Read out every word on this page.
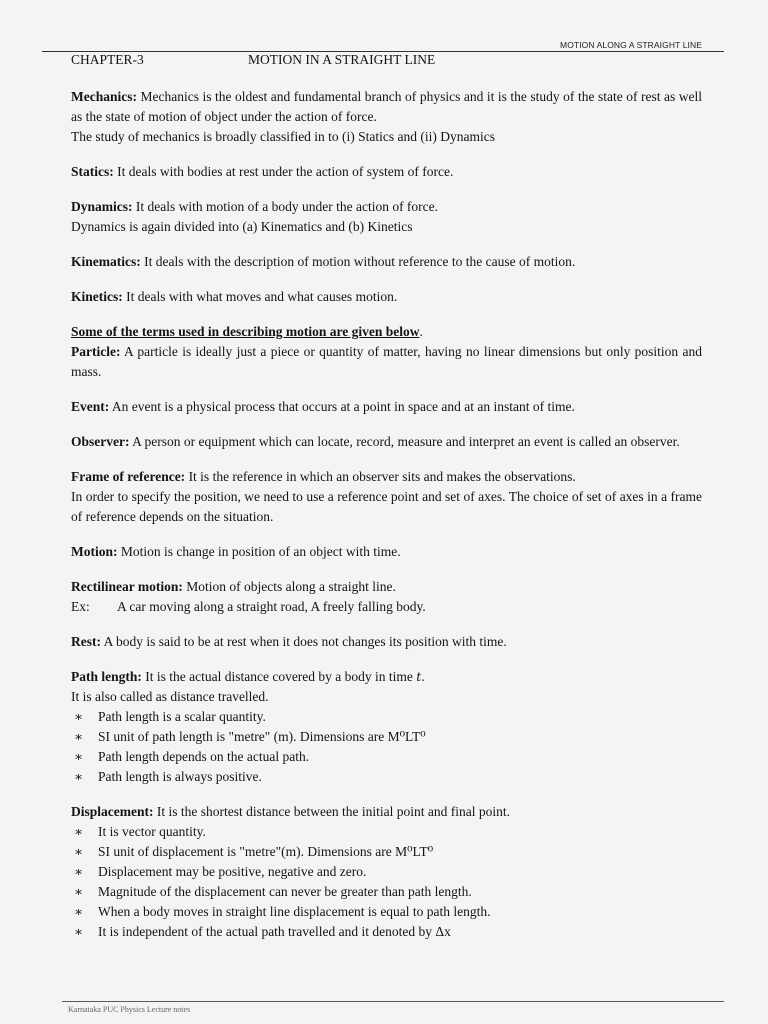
MOTION ALONG A STRAIGHT LINE
CHAPTER-3	MOTION IN A STRAIGHT LINE

Mechanics: Mechanics is the oldest and fundamental branch of physics and it is the study of the state of rest as well as the state of motion of object under the action of force.

The study of mechanics is broadly classified in to (i) Statics and (ii) Dynamics

Statics: It deals with bodies at rest under the action of system of force.

Dynamics: It deals with motion of a body under the action of force.

Dynamics is again divided into (a) Kinematics and (b) Kinetics

Kinematics: It deals with the description of motion without reference to the cause of motion.

Kinetics: It deals with what moves and what causes motion.

Some of the terms used in describing motion are given below.

Particle: A particle is ideally just a piece or quantity of matter, having no linear dimensions but only position and mass.

Event: An event is a physical process that occurs at a point in space and at an instant of time.

Observer: A person or equipment which can locate, record, measure and interpret an event is called an observer.

Frame of reference: It is the reference in which an observer sits and makes the observations.

In order to specify the position, we need to use a reference point and set of axes. The choice of set of axes in a frame of reference depends on the situation.

Motion: Motion is change in position of an object with time.

Rectilinear motion: Motion of objects along a straight line.

Ex: A car moving along a straight road, A freely falling body.

Rest: A body is said to be at rest when it does not changes its position with time.

Path length: It is the actual distance covered by a body in time t.

It is also called as distance travelled.

∗ Path length is a scalar quantity.
∗ SI unit of path length is "metre" (m). Dimensions are M⁰LT⁰
∗ Path length depends on the actual path.
∗ Path length is always positive.

Displacement: It is the shortest distance between the initial point and final point.

∗ It is vector quantity.
∗ SI unit of displacement is "metre"(m). Dimensions are M⁰LT⁰
∗ Displacement may be positive, negative and zero.
∗ Magnitude of the displacement can never be greater than path length.
∗ When a body moves in straight line displacement is equal to path length.
∗ It is independent of the actual path travelled and it denoted by Δx
Karnataka PUC Physics Lecture notes
